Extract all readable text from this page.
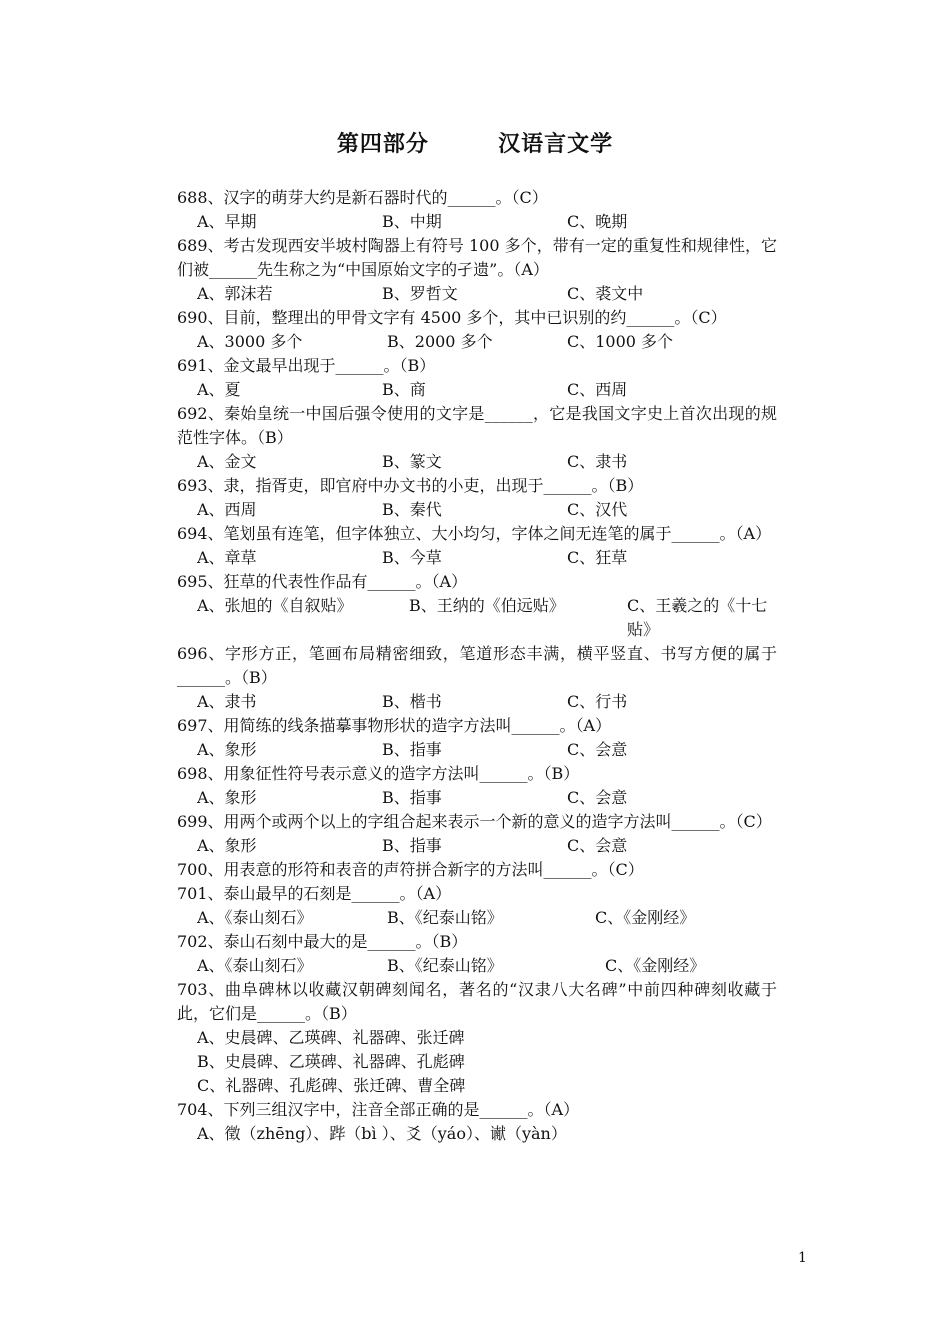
第四部分        汉语言文学
688、汉字的萌芽大约是新石器时代的______。（C）
A、早期	B、中期	C、晚期
689、考古发现西安半坡村陶器上有符号 100 多个，带有一定的重复性和规律性，它们被______先生称之为“中国原始文字的孑遗”。（A）
A、郭沫若	B、罗哲文	C、裘文中
690、目前，整理出的甲骨文字有 4500 多个，其中已识别的约______。（C）
A、3000 多个	B、2000 多个	C、1000 多个
691、金文最早出现于______。（B）
A、夏	B、商	C、西周
692、秦始皇统一中国后强令使用的文字是______，它是我国文字史上首次出现的规范性字体。（B）
A、金文	B、篆文	C、隶书
693、隶，指胥吏，即官府中办文书的小吏，出现于______。（B）
A、西周	B、秦代	C、汉代
694、笔划虽有连笔，但字体独立、大小均匀，字体之间无连笔的属于______。（A）
A、章草	B、今草	C、狂草
695、狂草的代表性作品有______。（A）
A、张旭的《自叙贴》	B、王纳的《伯远贴》	C、王羲之的《十七贴》
696、字形方正，笔画布局精密细致，笔道形态丰满，横平竖直、书写方便的属于______。（B）
A、隶书	B、楷书	C、行书
697、用简练的线条描摹事物形状的造字方法叫______。（A）
A、象形	B、指事	C、会意
698、用象征性符号表示意义的造字方法叫______。（B）
A、象形	B、指事	C、会意
699、用两个或两个以上的字组合起来表示一个新的意义的造字方法叫______。（C）
A、象形	B、指事	C、会意
700、用表意的形符和表音的声符拼合新字的方法叫______。（C）
701、泰山最早的石刻是______。（A）
A、《泰山刻石》	B、《纪泰山铭》	C、《金刚经》
702、泰山石刻中最大的是______。（B）
A、《泰山刻石》	B、《纪泰山铭》	C、《金刚经》
703、曲阜碑林以收藏汉朝碑刻闻名，著名的“汉隶八大名碑”中前四种碑刻收藏于此，它们是______。（B）
A、史晨碑、乙瑛碑、礼器碑、张迁碑
B、史晨碑、乙瑛碑、礼器碑、孔彪碑
C、礼器碑、孔彪碑、张迁碑、曹全碑
704、下列三组汉字中，注音全部正确的是______。（A）
A、徵（zhēng）、跸（bì ）、爻（yáo）、谳（yàn）
1
